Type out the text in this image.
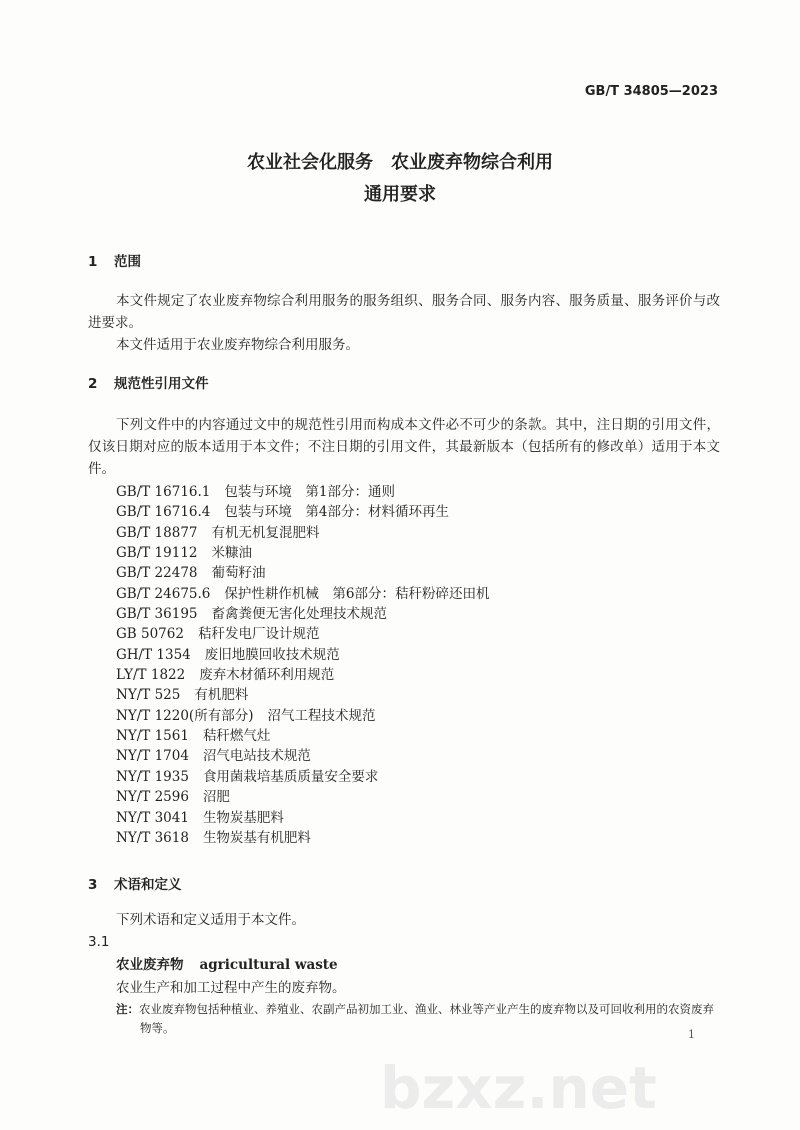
GB/T 34805—2023
农业社会化服务　农业废弃物综合利用
通用要求
1 范围
本文件规定了农业废弃物综合利用服务的服务组织、服务合同、服务内容、服务质量、服务评价与改进要求。
本文件适用于农业废弃物综合利用服务。
2 规范性引用文件
下列文件中的内容通过文中的规范性引用而构成本文件必不可少的条款。其中，注日期的引用文件，仅该日期对应的版本适用于本文件；不注日期的引用文件，其最新版本（包括所有的修改单）适用于本文件。
GB/T 16716.1 包装与环境　第1部分：通则
GB/T 16716.4 包装与环境　第4部分：材料循环再生
GB/T 18877 有机无机复混肥料
GB/T 19112 米糠油
GB/T 22478 葡萄籽油
GB/T 24675.6 保护性耕作机械　第6部分：秸秆粉碎还田机
GB/T 36195 畜禽粪便无害化处理技术规范
GB 50762 秸秆发电厂设计规范
GH/T 1354 废旧地膜回收技术规范
LY/T 1822 废弃木材循环利用规范
NY/T 525 有机肥料
NY/T 1220(所有部分) 沼气工程技术规范
NY/T 1561 秸秆燃气灶
NY/T 1704 沼气电站技术规范
NY/T 1935 食用菌栽培基质质量安全要求
NY/T 2596 沼肥
NY/T 3041 生物炭基肥料
NY/T 3618 生物炭基有机肥料
3 术语和定义
下列术语和定义适用于本文件。
3.1
农业废弃物 agricultural waste
农业生产和加工过程中产生的废弃物。
注：农业废弃物包括种植业、养殖业、农副产品初加工业、渔业、林业等产业产生的废弃物以及可回收利用的农资废弃物等。	1
bzxz.net
